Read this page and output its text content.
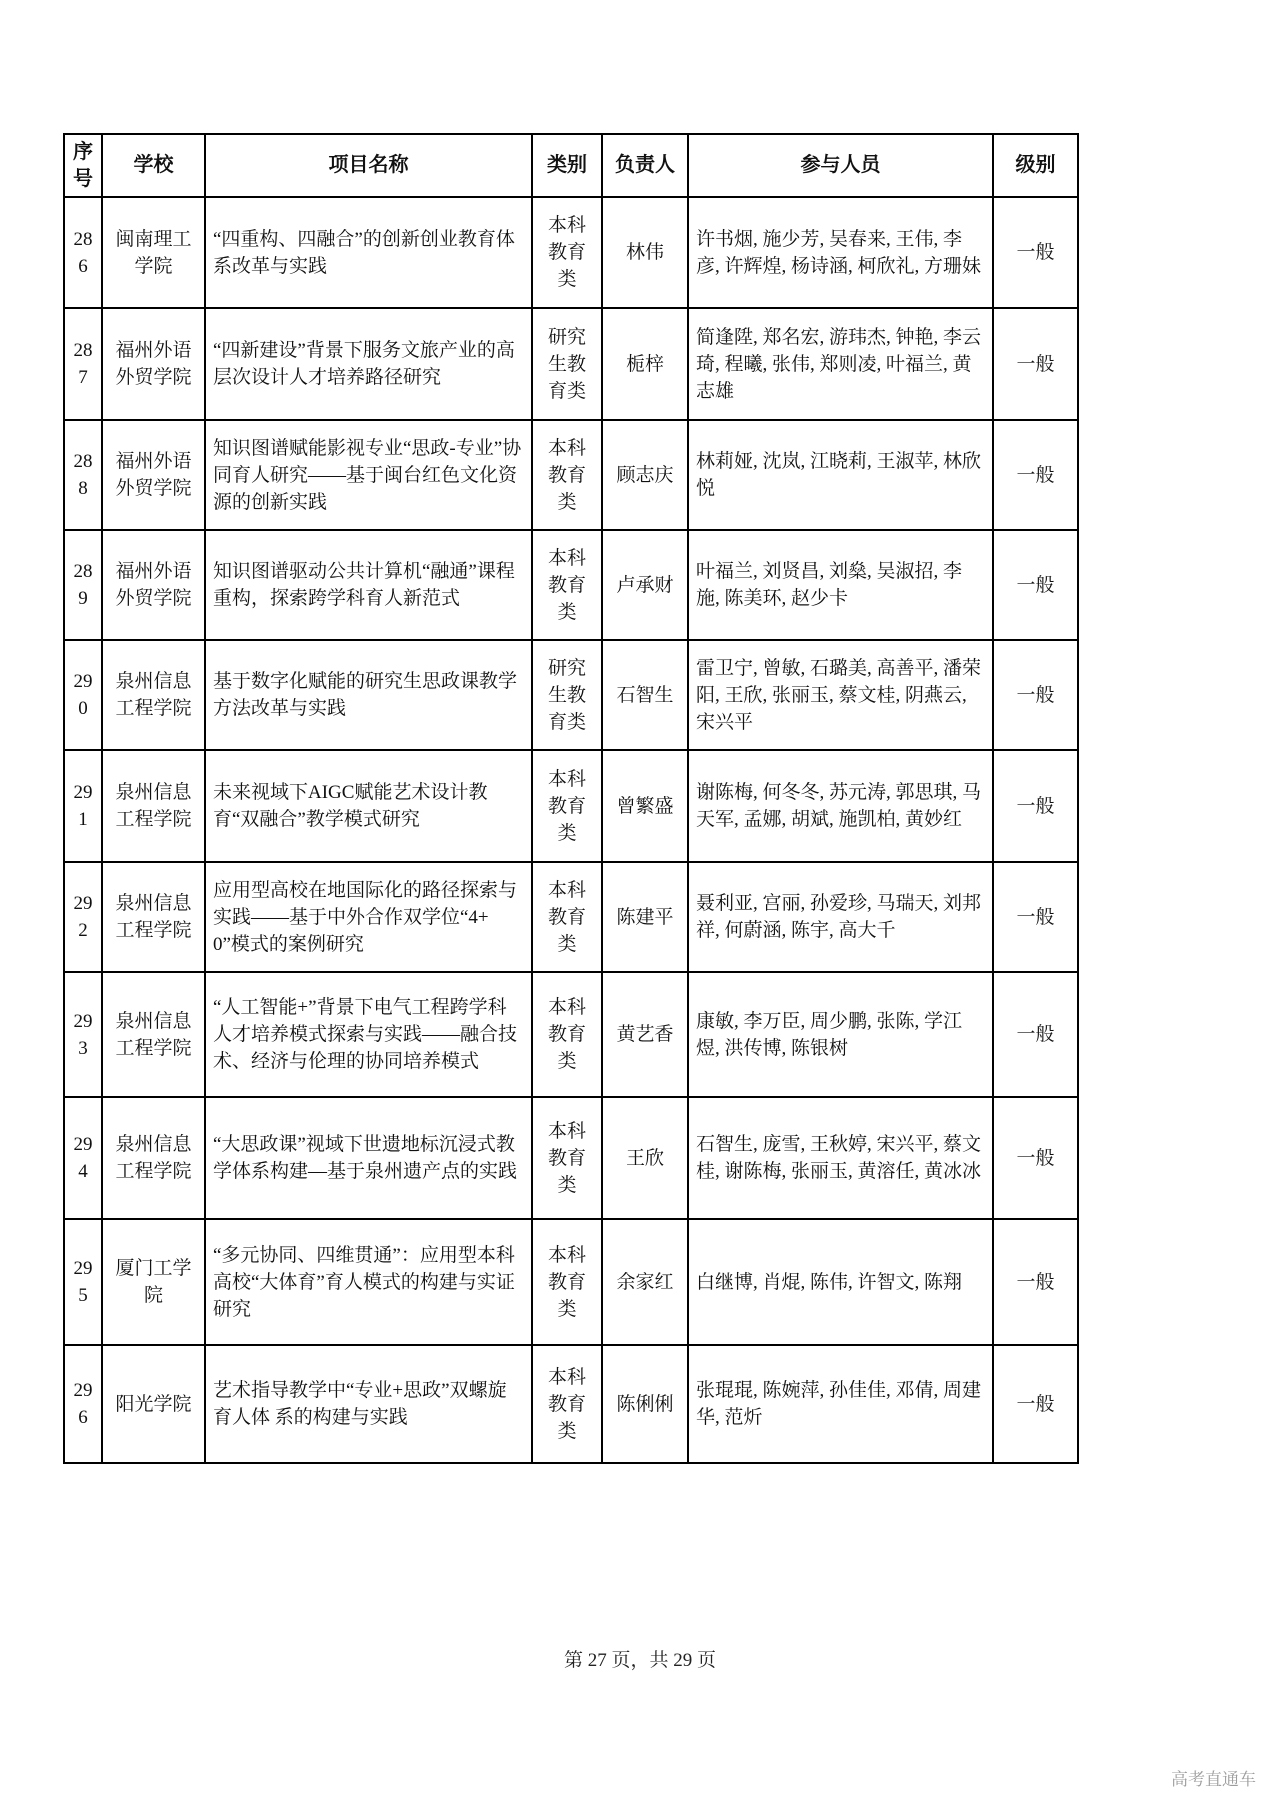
序号	学校	项目名称	类别	负责人	参与人员	级别
286	闽南理工学院	“四重构、四融合”的创新创业教育体系改革与实践	本科教育类	林伟	许书烟, 施少芳, 吴春来, 王伟, 李彦, 许辉煌, 杨诗涵, 柯欣礼, 方珊妹	一般
287	福州外语外贸学院	“四新建设”背景下服务文旅产业的高层次设计人才培养路径研究	研究生教育类	栀梓	简逢陞, 郑名宏, 游玮杰, 钟艳, 李云琦, 程曦, 张伟, 郑则凌, 叶福兰, 黄志雄	一般
288	福州外语外贸学院	知识图谱赋能影视专业“思政-专业”协同育人研究——基于闽台红色文化资源的创新实践	本科教育类	顾志庆	林莉娅, 沈岚, 江晓莉, 王淑苹, 林欣悦	一般
289	福州外语外贸学院	知识图谱驱动公共计算机“融通”课程重构，探索跨学科育人新范式	本科教育类	卢承财	叶福兰, 刘贤昌, 刘燊, 吴淑招, 李施, 陈美环, 赵少卡	一般
290	泉州信息工程学院	基于数字化赋能的研究生思政课教学方法改革与实践	研究生教育类	石智生	雷卫宁, 曾敏, 石璐美, 高善平, 潘荣阳, 王欣, 张丽玉, 蔡文桂, 阴燕云, 宋兴平	一般
291	泉州信息工程学院	未来视域下AIGC赋能艺术设计教育“双融合”教学模式研究	本科教育类	曾繁盛	谢陈梅, 何冬冬, 苏元涛, 郭思琪, 马天军, 孟娜, 胡斌, 施凯柏, 黄妙红	一般
292	泉州信息工程学院	应用型高校在地国际化的路径探索与实践——基于中外合作双学位“4+0”模式的案例研究	本科教育类	陈建平	聂利亚, 宫丽, 孙爱珍, 马瑞天, 刘邦祥, 何蔚涵, 陈宇, 高大千	一般
293	泉州信息工程学院	“人工智能+”背景下电气工程跨学科人才培养模式探索与实践——融合技术、经济与伦理的协同培养模式	本科教育类	黄艺香	康敏, 李万臣, 周少鹏, 张陈, 学江煜, 洪传博, 陈银树	一般
294	泉州信息工程学院	“大思政课”视域下世遗地标沉浸式教学体系构建—基于泉州遗产点的实践	本科教育类	王欣	石智生, 庞雪, 王秋婷, 宋兴平, 蔡文桂, 谢陈梅, 张丽玉, 黄溶任, 黄冰冰	一般
295	厦门工学院	“多元协同、四维贯通”：应用型本科高校“大体育”育人模式的构建与实证研究	本科教育类	余家红	白继博, 肖焜, 陈伟, 许智文, 陈翔	一般
296	阳光学院	艺术指导教学中“专业+思政”双螺旋育人体 系的构建与实践	本科教育类	陈俐俐	张琨琨, 陈婉萍, 孙佳佳, 邓倩, 周建华, 范炘	一般
第 27 页，共 29 页
高考直通车
